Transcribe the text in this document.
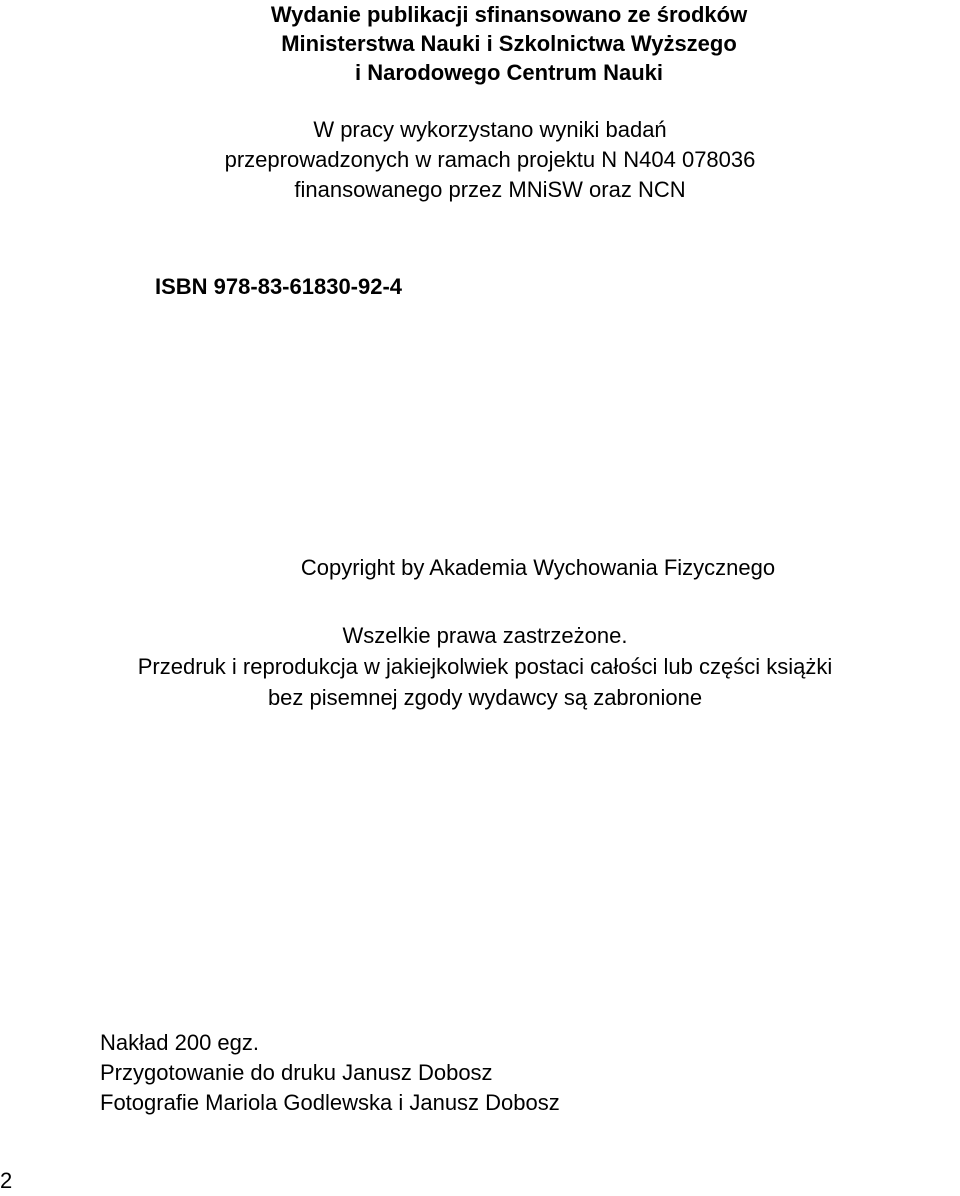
Wydanie publikacji sfinansowano ze środków
Ministerstwa Nauki i Szkolnictwa Wyższego
i Narodowego Centrum Nauki
W pracy wykorzystano wyniki badań
przeprowadzonych w ramach projektu N N404 078036
finansowanego przez MNiSW oraz NCN
ISBN 978-83-61830-92-4
Copyright by Akademia Wychowania Fizycznego
Wszelkie prawa zastrzeżone.
Przedruk i reprodukcja w jakiejkolwiek postaci całości lub części książki
bez pisemnej zgody wydawcy są zabronione
Nakład 200 egz.
Przygotowanie do druku Janusz Dobosz
Fotografie Mariola Godlewska i Janusz Dobosz
2
